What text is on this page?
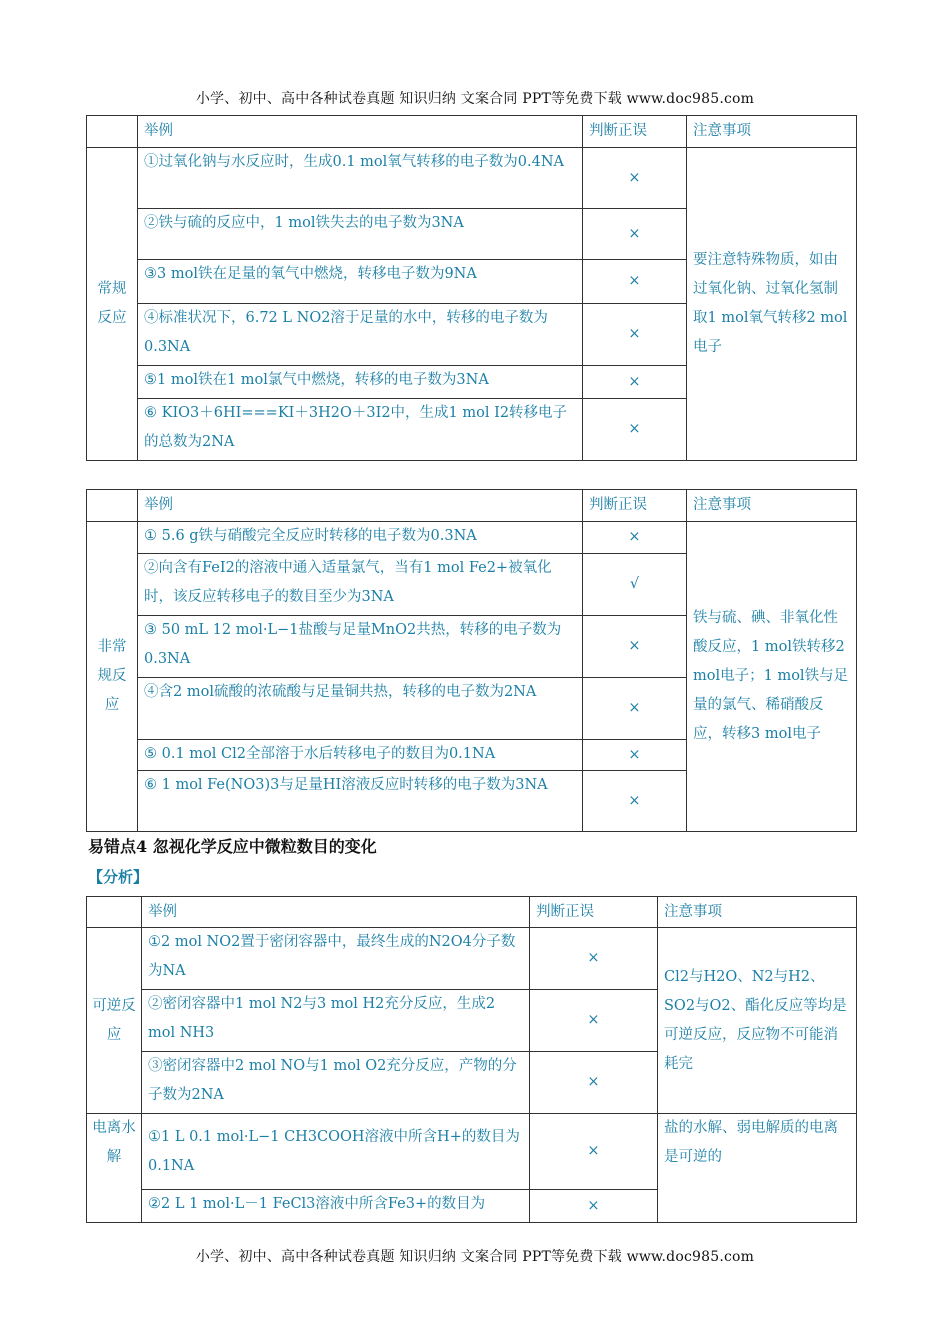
小学、初中、高中各种试卷真题 知识归纳 文案合同 PPT等免费下载 www.doc985.com
	举例	判断正误	注意事项
常规反应	①过氧化钠与水反应时，生成0.1 mol氧气转移的电子数为0.4NA	×	要注意特殊物质，如由过氧化钠、过氧化氢制取1 mol氧气转移2 mol电子
	②铁与硫的反应中，1 mol铁失去的电子数为3NA	×	
	③3 mol铁在足量的氧气中燃烧，转移电子数为9NA	×	
	④标准状况下，6.72 L NO2溶于足量的水中，转移的电子数为0.3NA	×	
	⑤1 mol铁在1 mol氯气中燃烧，转移的电子数为3NA	×	
	⑥ KIO3＋6HI===KI＋3H2O＋3I2中，生成1 mol I2转移电子的总数为2NA	×	
	举例	判断正误	注意事项
非常规反应	① 5.6 g铁与硝酸完全反应时转移的电子数为0.3NA	×	铁与硫、碘、非氧化性酸反应，1 mol铁转移2 mol电子；1 mol铁与足量的氯气、稀硝酸反应，转移3 mol电子
	②向含有FeI2的溶液中通入适量氯气，当有1 mol Fe2+被氧化时，该反应转移电子的数目至少为3NA	√	
	③ 50 mL 12 mol·L−1盐酸与足量MnO2共热，转移的电子数为0.3NA	×	
	④含2 mol硫酸的浓硫酸与足量铜共热，转移的电子数为2NA	×	
	⑤ 0.1 mol Cl2全部溶于水后转移电子的数目为0.1NA	×	
	⑥ 1 mol Fe(NO3)3与足量HI溶液反应时转移的电子数为3NA	×	
易错点4 忽视化学反应中微粒数目的变化
【分析】
	举例	判断正误	注意事项
可逆反应	①2 mol NO2置于密闭容器中，最终生成的N2O4分子数为NA	×	Cl2与H2O、N2与H2、SO2与O2、酯化反应等均是可逆反应，反应物不可能消耗完
	②密闭容器中1 mol N2与3 mol H2充分反应，生成2 mol NH3	×	
	③密闭容器中2 mol NO与1 mol O2充分反应，产物的分子数为2NA	×	
电离水解	①1 L 0.1 mol·L−1 CH3COOH溶液中所含H+的数目为0.1NA	×	盐的水解、弱电解质的电离是可逆的
	②2 L 1 mol·L－1 FeCl3溶液中所含Fe3+的数目为	×	
小学、初中、高中各种试卷真题 知识归纳 文案合同 PPT等免费下载 www.doc985.com
